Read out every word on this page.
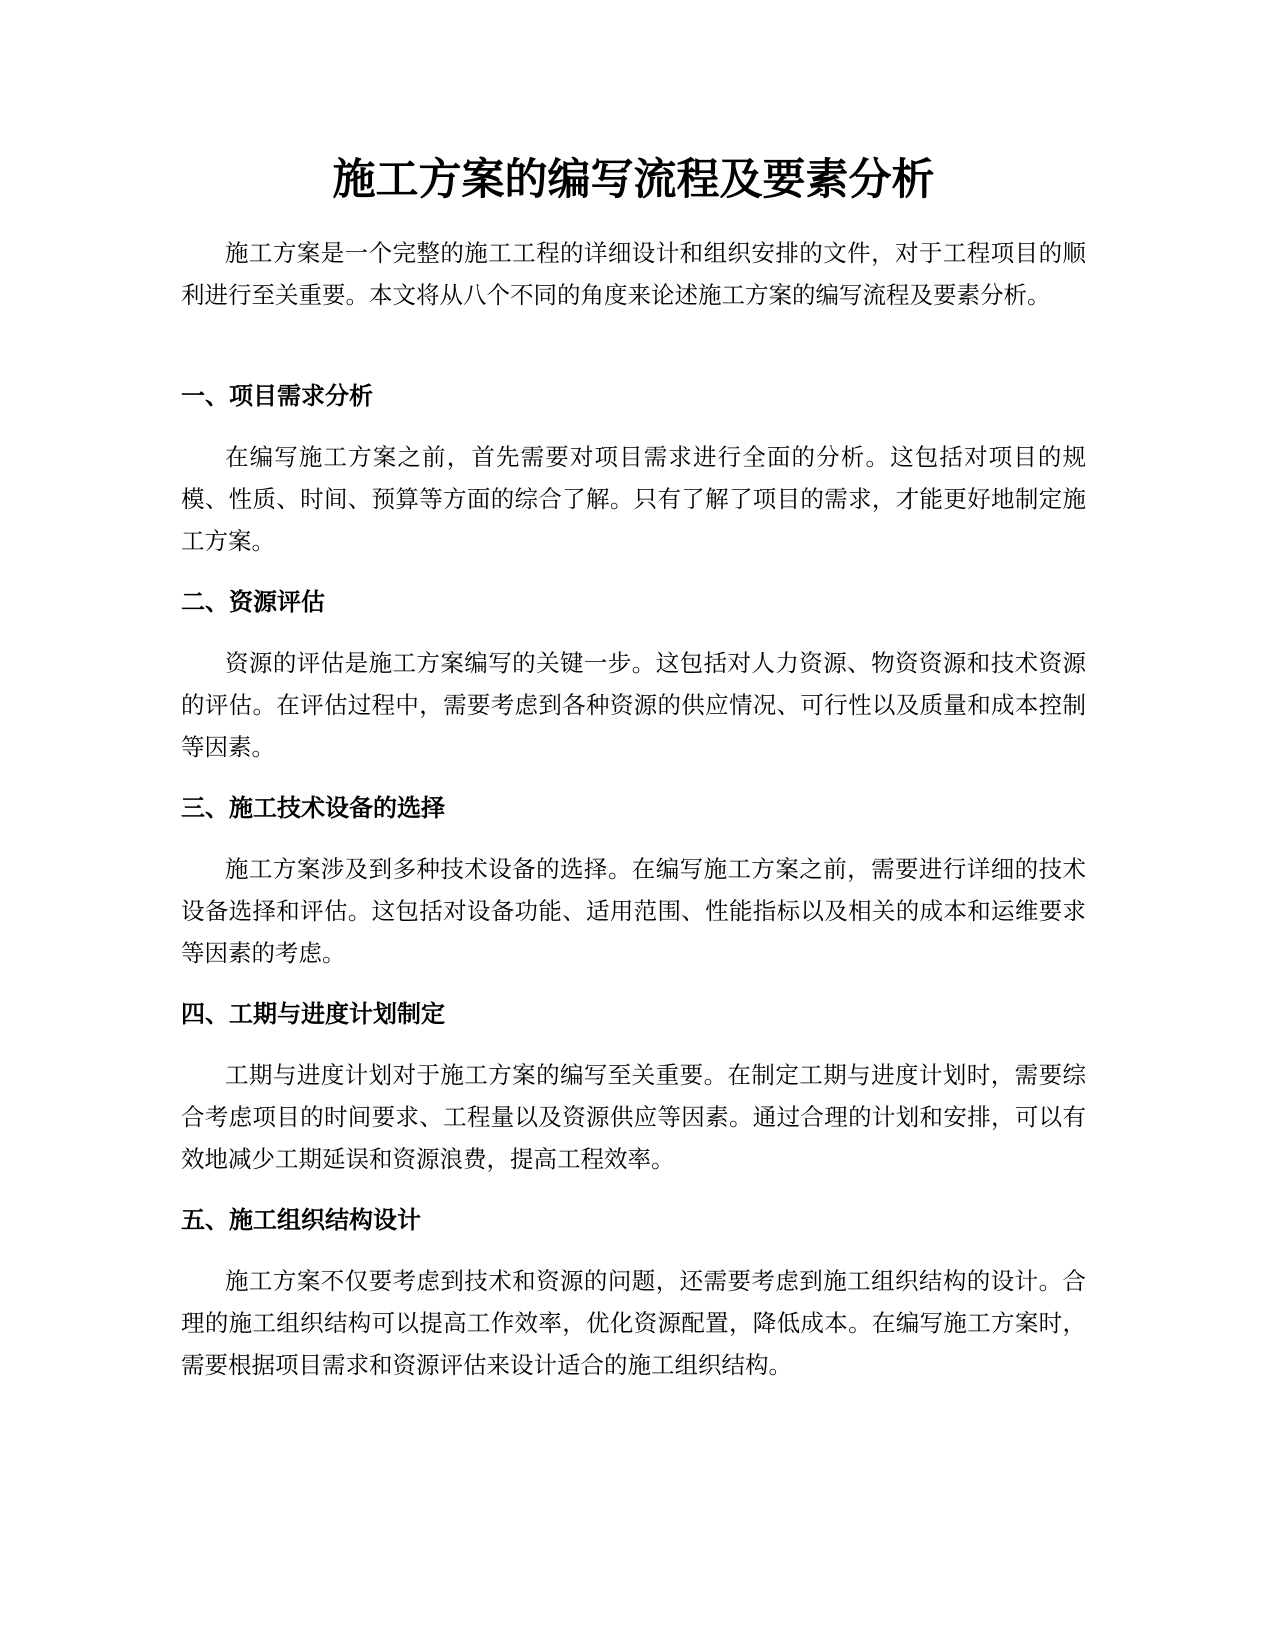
施工方案的编写流程及要素分析

施工方案是一个完整的施工工程的详细设计和组织安排的文件，对于工程项目的顺利进行至关重要。本文将从八个不同的角度来论述施工方案的编写流程及要素分析。

一、项目需求分析

在编写施工方案之前，首先需要对项目需求进行全面的分析。这包括对项目的规模、性质、时间、预算等方面的综合了解。只有了解了项目的需求，才能更好地制定施工方案。

二、资源评估

资源的评估是施工方案编写的关键一步。这包括对人力资源、物资资源和技术资源的评估。在评估过程中，需要考虑到各种资源的供应情况、可行性以及质量和成本控制等因素。

三、施工技术设备的选择

施工方案涉及到多种技术设备的选择。在编写施工方案之前，需要进行详细的技术设备选择和评估。这包括对设备功能、适用范围、性能指标以及相关的成本和运维要求等因素的考虑。

四、工期与进度计划制定

工期与进度计划对于施工方案的编写至关重要。在制定工期与进度计划时，需要综合考虑项目的时间要求、工程量以及资源供应等因素。通过合理的计划和安排，可以有效地减少工期延误和资源浪费，提高工程效率。

五、施工组织结构设计

施工方案不仅要考虑到技术和资源的问题，还需要考虑到施工组织结构的设计。合理的施工组织结构可以提高工作效率，优化资源配置，降低成本。在编写施工方案时，需要根据项目需求和资源评估来设计适合的施工组织结构。
